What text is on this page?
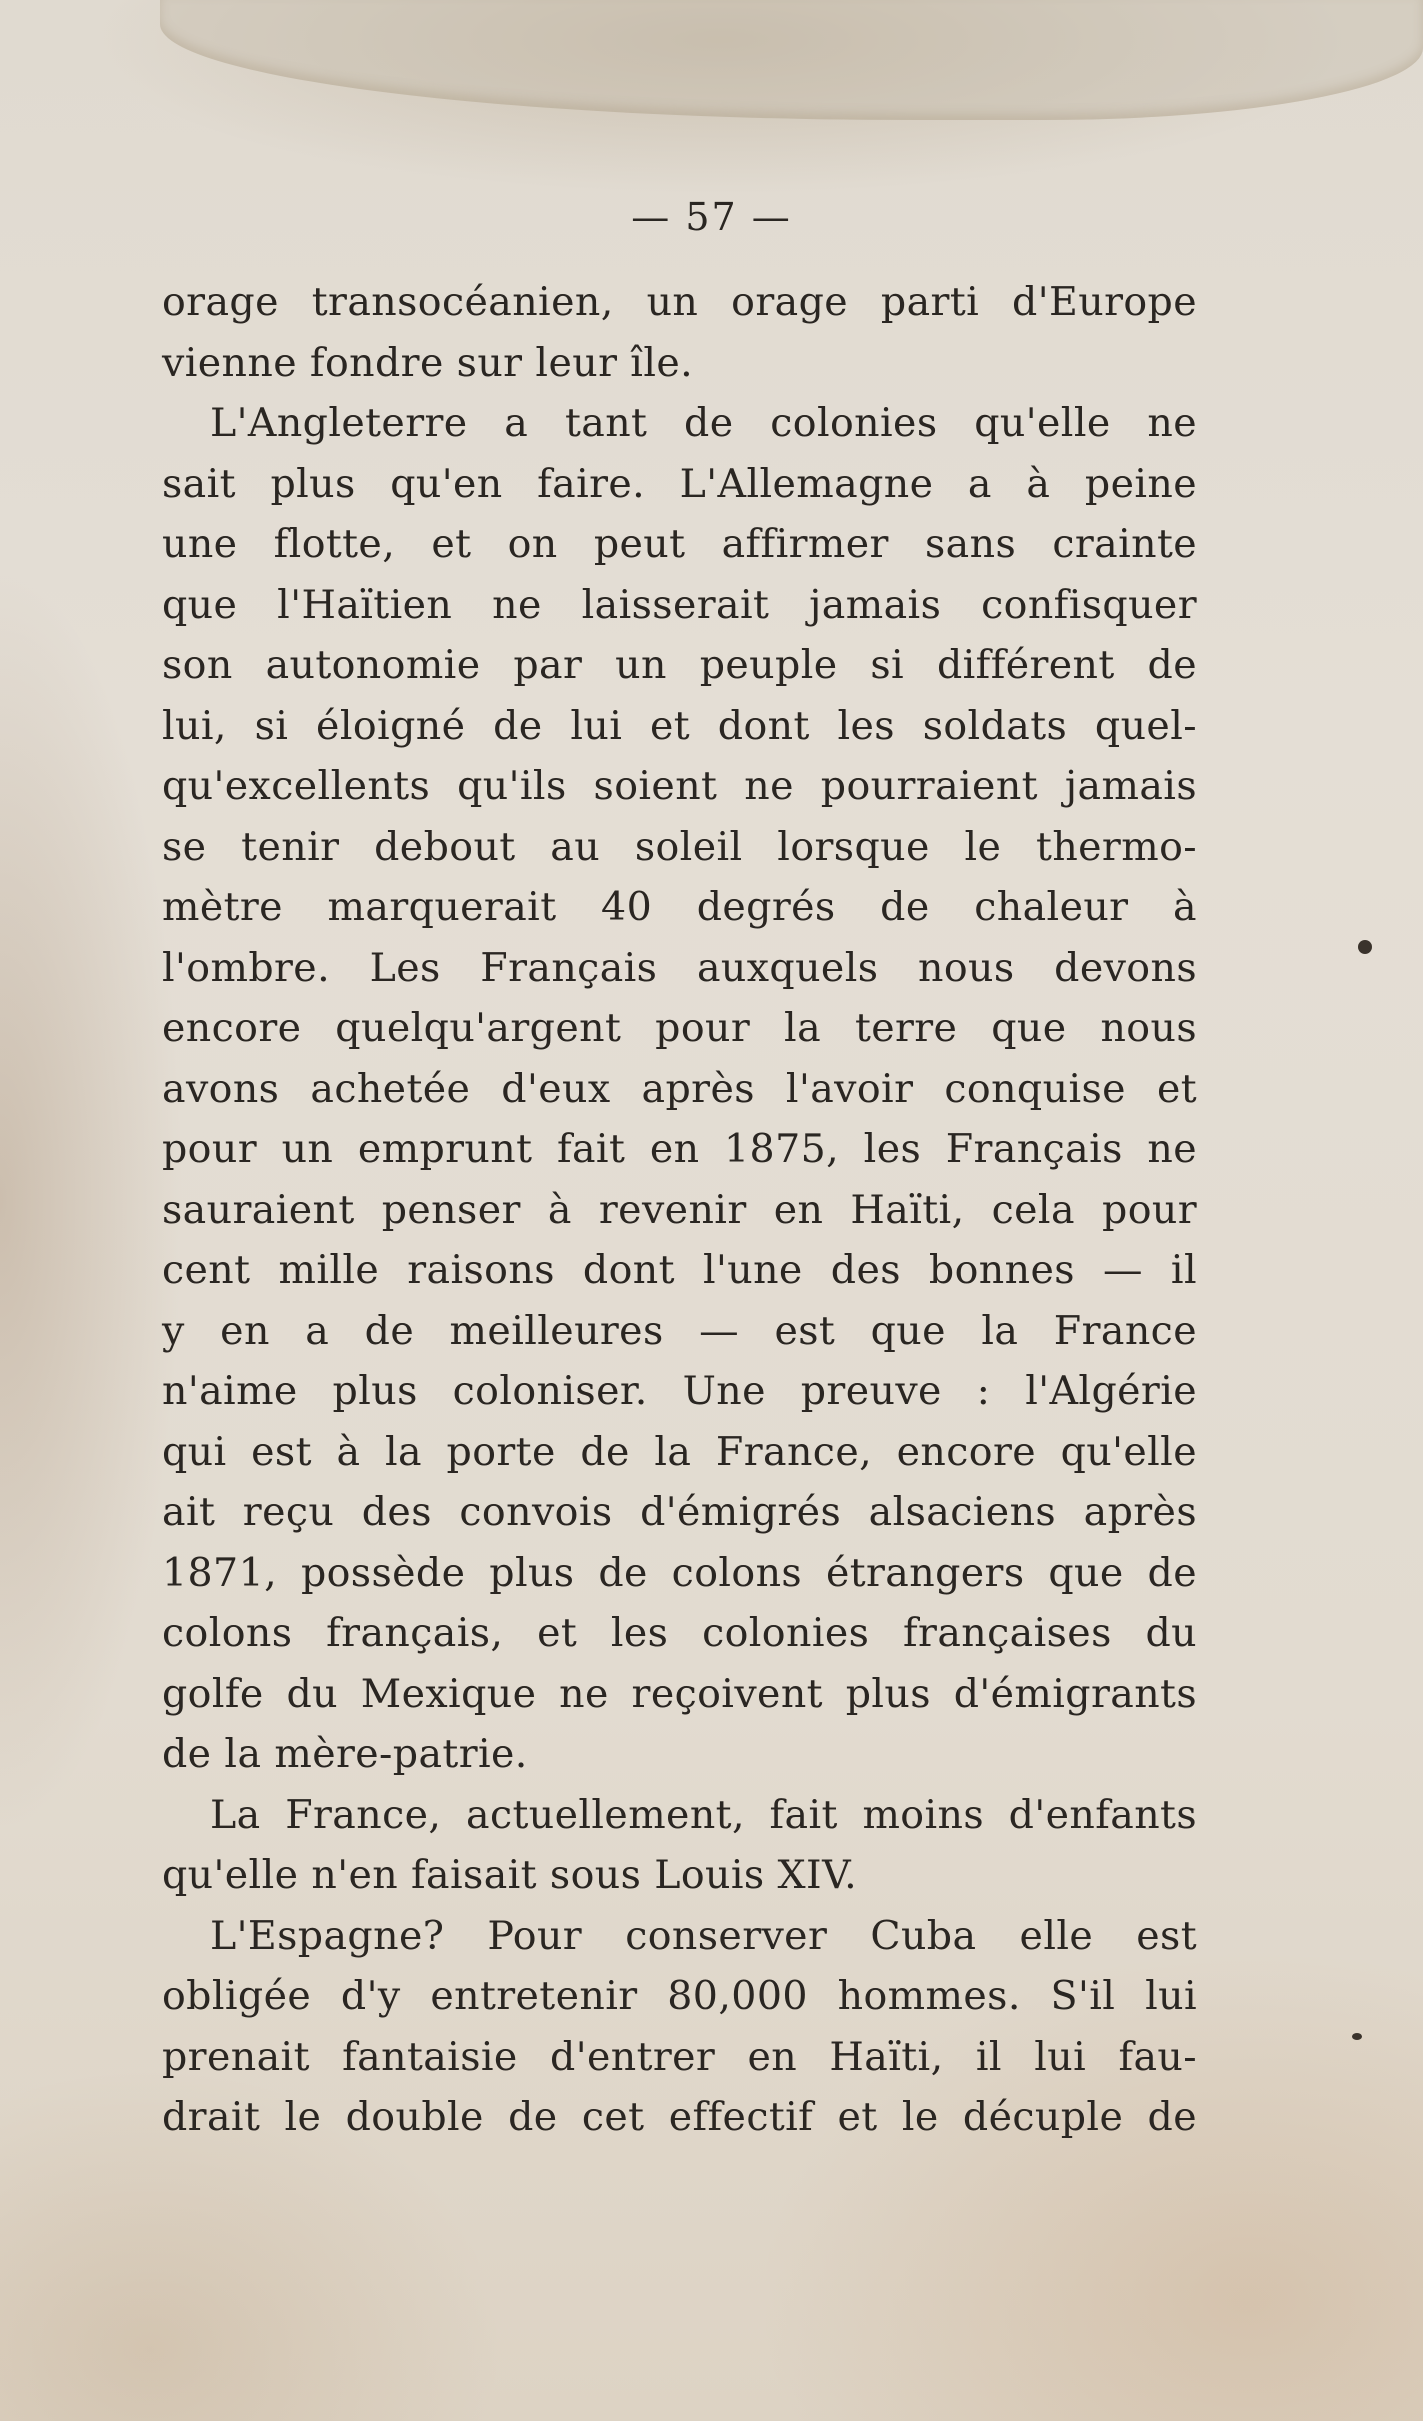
— 57 —
orage transocéanien, un orage parti d'Europe
vienne fondre sur leur île.
L'Angleterre a tant de colonies qu'elle ne
sait plus qu'en faire. L'Allemagne a à peine
une flotte, et on peut affirmer sans crainte
que l'Haïtien ne laisserait jamais confisquer
son autonomie par un peuple si différent de
lui, si éloigné de lui et dont les soldats quel-
qu'excellents qu'ils soient ne pourraient jamais
se tenir debout au soleil lorsque le thermo-
mètre marquerait 40 degrés de chaleur à
l'ombre. Les Français auxquels nous devons
encore quelqu'argent pour la terre que nous
avons achetée d'eux après l'avoir conquise et
pour un emprunt fait en 1875, les Français ne
sauraient penser à revenir en Haïti, cela pour
cent mille raisons dont l'une des bonnes — il
y en a de meilleures — est que la France
n'aime plus coloniser. Une preuve : l'Algérie
qui est à la porte de la France, encore qu'elle
ait reçu des convois d'émigrés alsaciens après
1871, possède plus de colons étrangers que de
colons français, et les colonies françaises du
golfe du Mexique ne reçoivent plus d'émigrants
de la mère-patrie.
La France, actuellement, fait moins d'enfants
qu'elle n'en faisait sous Louis XIV.
L'Espagne? Pour conserver Cuba elle est
obligée d'y entretenir 80,000 hommes. S'il lui
prenait fantaisie d'entrer en Haïti, il lui fau-
drait le double de cet effectif et le décuple de
